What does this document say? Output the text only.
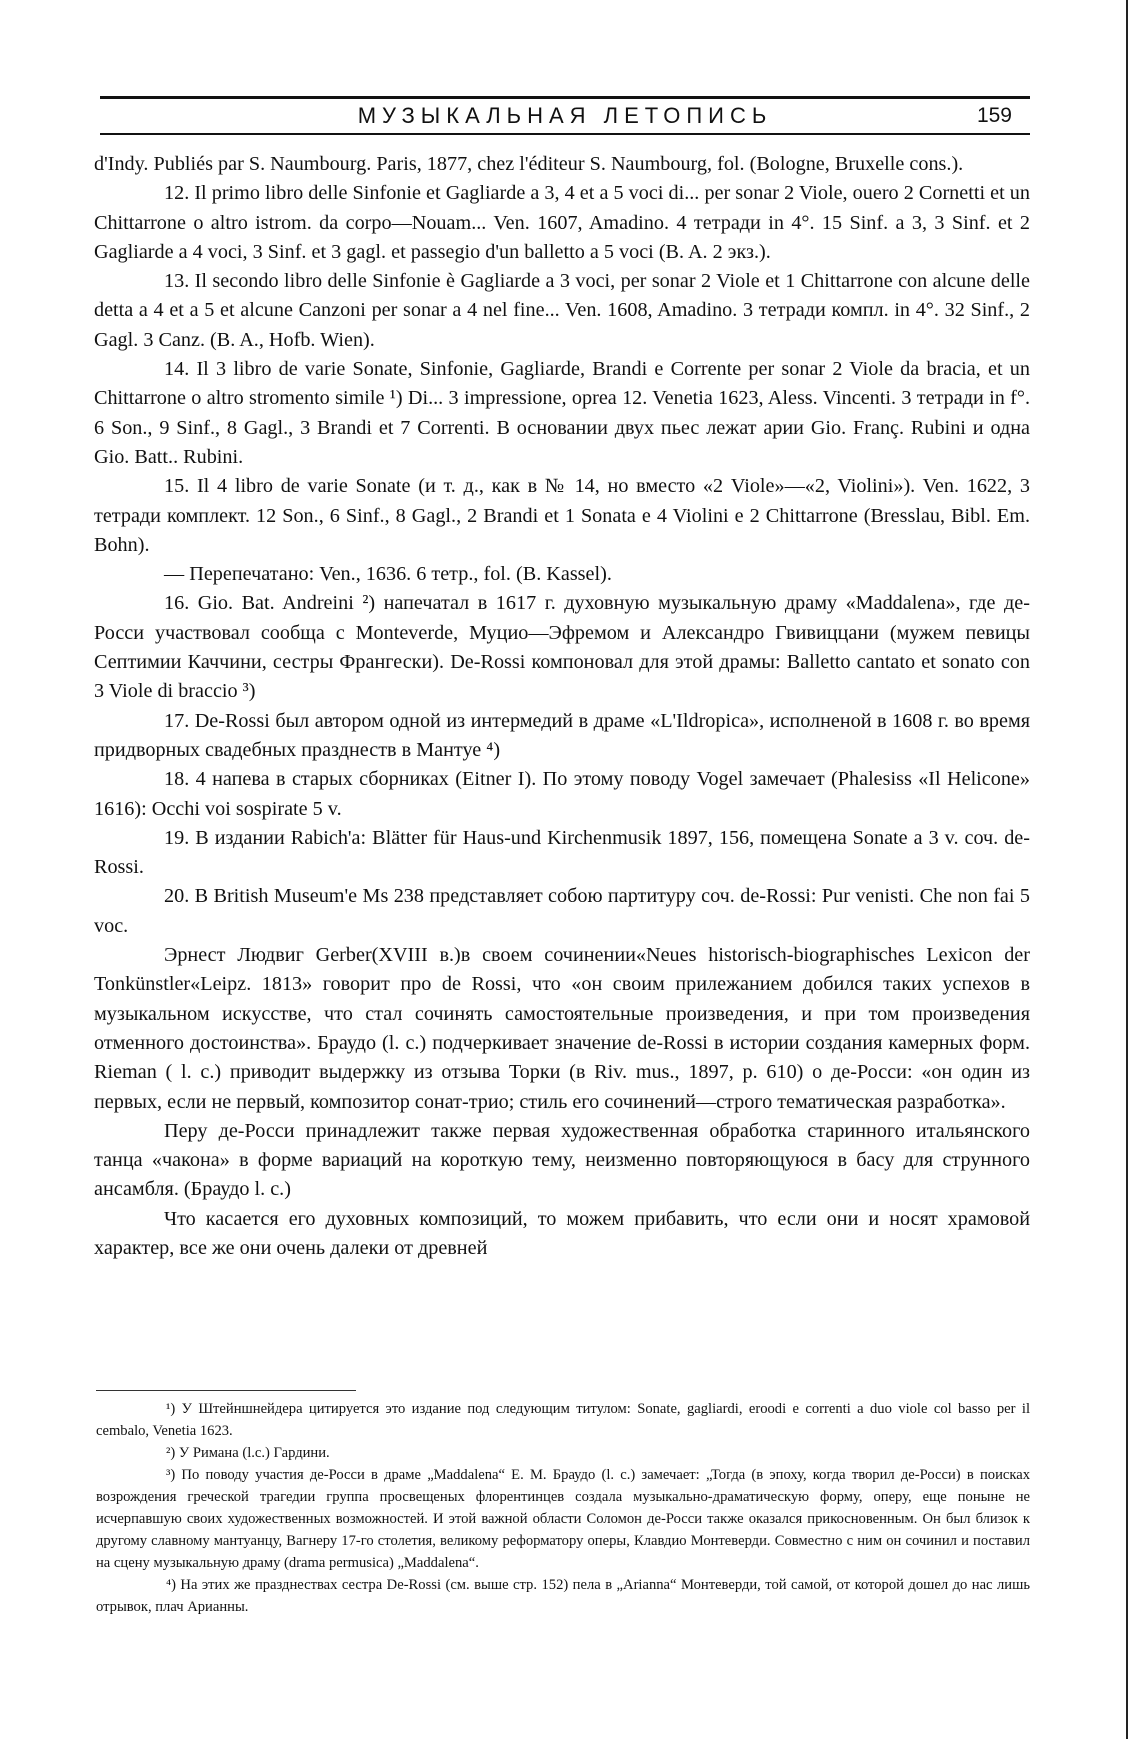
МУЗЫКАЛЬНАЯ ЛЕТОПИСЬ	159

d'Indy. Publiés par S. Naumbourg. Paris, 1877, chez l'éditeur S. Naumbourg, fol. (Bologne, Bruxelle cons.).

12. Il primo libro delle Sinfonie et Gagliarde a 3, 4 et a 5 voci di... per sonar 2 Viole, ouero 2 Cornetti et un Chittarrone o altro istrom. da corpo—Nouam... Ven. 1607, Amadino. 4 тетради in 4°. 15 Sinf. a 3, 3 Sinf. et 2 Gagliarde a 4 voci, 3 Sinf. et 3 gagl. et passegio d'un balletto a 5 voci (B. A. 2 экз.).

13. Il secondo libro delle Sinfonie è Gagliarde a 3 voci, per sonar 2 Viole et 1 Chittarrone con alcune delle detta a 4 et a 5 et alcune Canzoni per sonar a 4 nel fine... Ven. 1608, Amadino. 3 тетради компл. in 4°. 32 Sinf., 2 Gagl. 3 Canz. (B. A., Hofb. Wien).

14. Il 3 libro de varie Sonate, Sinfonie, Gagliarde, Brandi e Corrente per sonar 2 Viole da bracia, et un Chittarrone o altro stromento simile ¹) Di... 3 impressione, oprea 12. Venetia 1623, Aless. Vincenti. 3 тетради in f°. 6 Son., 9 Sinf., 8 Gagl., 3 Brandi et 7 Correnti. В основании двух пьес лежат арии Gio. Franç. Rubini и одна Gio. Batt.. Rubini.

15. Il 4 libro de varie Sonate (и т. д., как в № 14, но вместо «2 Viole»—«2, Violini»). Ven. 1622, 3 тетради комплект. 12 Son., 6 Sinf., 8 Gagl., 2 Brandi et 1 Sonata e 4 Violini e 2 Chittarrone (Bresslau, Bibl. Em. Bohn).

— Перепечатано: Ven., 1636. 6 тетр., fol. (B. Kassel).

16. Gio. Bat. Andreini ²) напечатал в 1617 г. духовную музыкальную драму «Maddalena», где де-Росси участвовал сообща с Monteverde, Муцио—Эфремом и Александро Гвивиццани (мужем певицы Септимии Каччини, сестры Франгески). De-Rossi компоновал для этой драмы: Balletto cantato et sonato con 3 Viole di braccio ³)

17. De-Rossi был автором одной из интермедий в драме «L'Ildropica», исполненой в 1608 г. во время придворных свадебных празднеств в Мантуе ⁴)

18. 4 напева в старых сборниках (Eitner I). По этому поводу Vogel замечает (Phalesiss «Il Helicone» 1616): Occhi voi sospirate 5 v.

19. В издании Rabich'a: Blätter für Haus-und Kirchenmusik 1897, 156, помещена Sonate a 3 v. соч. de-Rossi.

20. В British Museum'e Ms 238 представляет собою партитуру соч. de-Rossi: Pur venisti. Che non fai 5 voc.

Эрнест Людвиг Gerber(XVIII в.)в своем сочинении«Neues historisch-biographisches Lexicon der Tonkünstler«Leipz. 1813» говорит про de Rossi, что «он своим прилежанием добился таких успехов в музыкальном искусстве, что стал сочинять самостоятельные произведения, и при том произведения отменного достоинства». Браудо (l. c.) подчеркивает значение de-Rossi в истории создания камерных форм. Rieman ( l. c.) приводит выдержку из отзыва Торки (в Riv. mus., 1897, p. 610) о де-Росси: «он один из первых, если не первый, композитор сонат-трио; стиль его сочинений—строго тематическая разработка».

Перу де-Росси принадлежит также первая художественная обработка старинного итальянского танца «чакона» в форме вариаций на короткую тему, неизменно повторяющуюся в басу для струнного ансамбля. (Браудо l. c.)

Что касается его духовных композиций, то можем прибавить, что если они и носят храмовой характер, все же они очень далеки от древней

¹) У Штейншнейдера цитируется это издание под следующим титулом: Sonate, gagliardi, eroodi e correnti a duo viole col basso per il cembalo, Venetia 1623.

²) У Римана (l.c.) Гардини.

³) По поводу участия де-Росси в драме „Maddalena“ Е. М. Браудо (l. c.) замечает: „Тогда (в эпоху, когда творил де-Росси) в поисках возрождения греческой трагедии группа просвещеных флорентинцев создала музыкально-драматическую форму, оперу, еще поныне не исчерпавшую своих художественных возможностей. И этой важной области Соломон де-Росси также оказался прикосновенным. Он был близок к другому славному мантуанцу, Вагнеру 17-го столетия, великому реформатору оперы, Клавдио Монтеверди. Совместно с ним он сочинил и поставил на сцену музыкальную драму (drama permusica) „Maddalena“.

⁴) На этих же празднествах сестра De-Rossi (см. выше стр. 152) пела в „Arianna“ Монтеверди, той самой, от которой дошел до нас лишь отрывок, плач Арианны.
